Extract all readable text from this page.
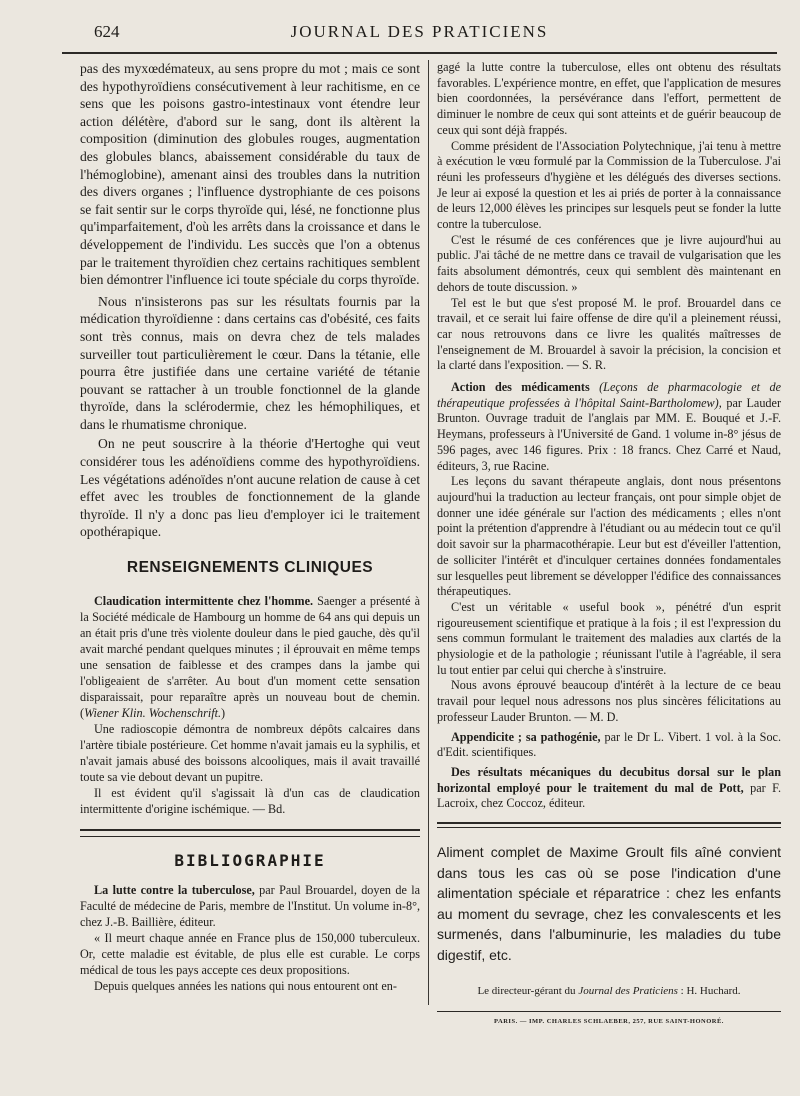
624	JOURNAL DES PRATICIENS

pas des myxœdémateux, au sens propre du mot ; mais ce sont des hypothyroïdiens consécutivement à leur rachitisme, en ce sens que les poisons gastro-intestinaux vont étendre leur action délétère, d'abord sur le sang, dont ils altèrent la composition (diminution des globules rouges, augmentation des globules blancs, abaissement considérable du taux de l'hémoglobine), amenant ainsi des troubles dans la nutrition des divers organes ; l'influence dystrophiante de ces poisons se fait sentir sur le corps thyroïde qui, lésé, ne fonctionne plus qu'imparfaitement, d'où les arrêts dans la croissance et dans le développement de l'individu. Les succès que l'on a obtenus par le traitement thyroïdien chez certains rachitiques semblent bien démontrer l'influence ici toute spéciale du corps thyroïde.

Nous n'insisterons pas sur les résultats fournis par la médication thyroïdienne : dans certains cas d'obésité, ces faits sont très connus, mais on devra chez de tels malades surveiller tout particulièrement le cœur. Dans la tétanie, elle pourra être justifiée dans une certaine variété de tétanie pouvant se rattacher à un trouble fonctionnel de la glande thyroïde, dans la sclérodermie, chez les hémophiliques, et dans le rhumatisme chronique.

On ne peut souscrire à la théorie d'Hertoghe qui veut considérer tous les adénoïdiens comme des hypothyroïdiens. Les végétations adénoïdes n'ont aucune relation de cause à cet effet avec les troubles de fonctionnement de la glande thyroïde. Il n'y a donc pas lieu d'employer ici le traitement opothérapique.

RENSEIGNEMENTS CLINIQUES

Claudication intermittente chez l'homme. Saenger a présenté à la Société médicale de Hambourg un homme de 64 ans qui depuis un an était pris d'une très violente douleur dans le pied gauche, dès qu'il avait marché pendant quelques minutes ; il éprouvait en même temps une sensation de faiblesse et des crampes dans la jambe qui l'obligeaient de s'arrêter. Au bout d'un moment cette sensation disparaissait, pour reparaître après un nouveau bout de chemin. (Wiener Klin. Wochenschrift.)

Une radioscopie démontra de nombreux dépôts calcaires dans l'artère tibiale postérieure. Cet homme n'avait jamais eu la syphilis, et n'avait jamais abusé des boissons alcooliques, mais il avait travaillé toute sa vie debout devant un pupitre.

Il est évident qu'il s'agissait là d'un cas de claudication intermittente d'origine ischémique. — Bd.

BIBLIOGRAPHIE

La lutte contre la tuberculose, par Paul Brouardel, doyen de la Faculté de médecine de Paris, membre de l'Institut. Un volume in-8°, chez J.-B. Baillière, éditeur.

« Il meurt chaque année en France plus de 150,000 tuberculeux. Or, cette maladie est évitable, de plus elle est curable. Le corps médical de tous les pays accepte ces deux propositions.

Depuis quelques années les nations qui nous entourent ont en-

gagé la lutte contre la tuberculose, elles ont obtenu des résultats favorables. L'expérience montre, en effet, que l'application de mesures bien coordonnées, la persévérance dans l'effort, permettent de diminuer le nombre de ceux qui sont atteints et de guérir beaucoup de ceux qui sont déjà frappés.

Comme président de l'Association Polytechnique, j'ai tenu à mettre à exécution le vœu formulé par la Commission de la Tuberculose. J'ai réuni les professeurs d'hygiène et les délégués des diverses sections. Je leur ai exposé la question et les ai priés de porter à la connaissance de leurs 12,000 élèves les principes sur lesquels peut se fonder la lutte contre la tuberculose.

C'est le résumé de ces conférences que je livre aujourd'hui au public. J'ai tâché de ne mettre dans ce travail de vulgarisation que les faits absolument démontrés, ceux qui semblent dès maintenant en dehors de toute discussion. »

Tel est le but que s'est proposé M. le prof. Brouardel dans ce travail, et ce serait lui faire offense de dire qu'il a pleinement réussi, car nous retrouvons dans ce livre les qualités maîtresses de l'enseignement de M. Brouardel à savoir la précision, la concision et la clarté dans l'exposition. — S. R.

Action des médicaments (Leçons de pharmacologie et de thérapeutique professées à l'hôpital Saint-Bartholomew), par Lauder Brunton. Ouvrage traduit de l'anglais par MM. E. Bouqué et J.-F. Heymans, professeurs à l'Université de Gand. 1 volume in-8° jésus de 596 pages, avec 146 figures. Prix : 18 francs. Chez Carré et Naud, éditeurs, 3, rue Racine.

Les leçons du savant thérapeute anglais, dont nous présentons aujourd'hui la traduction au lecteur français, ont pour simple objet de donner une idée générale sur l'action des médicaments ; elles n'ont point la prétention d'apprendre à l'étudiant ou au médecin tout ce qu'il doit savoir sur la pharmacothérapie. Leur but est d'éveiller l'attention, de solliciter l'intérêt et d'inculquer certaines données fondamentales sur lesquelles peut librement se développer l'édifice des connaissances thérapeutiques.

C'est un véritable « useful book », pénétré d'un esprit rigoureusement scientifique et pratique à la fois ; il est l'expression du sens commun formulant le traitement des maladies aux clartés de la physiologie et de la pathologie ; réunissant l'utile à l'agréable, il sera lu tout entier par celui qui cherche à s'instruire.

Nous avons éprouvé beaucoup d'intérêt à la lecture de ce beau travail pour lequel nous adressons nos plus sincères félicitations au professeur Lauder Brunton. — M. D.

Appendicite ; sa pathogénie, par le Dr L. Vibert. 1 vol. à la Soc. d'Edit. scientifiques.

Des résultats mécaniques du decubitus dorsal sur le plan horizontal employé pour le traitement du mal de Pott, par F. Lacroix, chez Coccoz, éditeur.

Aliment complet de Maxime Groult fils aîné convient dans tous les cas où se pose l'indication d'une alimentation spéciale et réparatrice : chez les enfants au moment du sevrage, chez les convalescents et les surmenés, dans l'albuminurie, les maladies du tube digestif, etc.

Le directeur-gérant du Journal des Praticiens : H. Huchard.
PARIS. — IMP. CHARLES SCHLAEBER, 257, RUE SAINT-HONORÉ.
